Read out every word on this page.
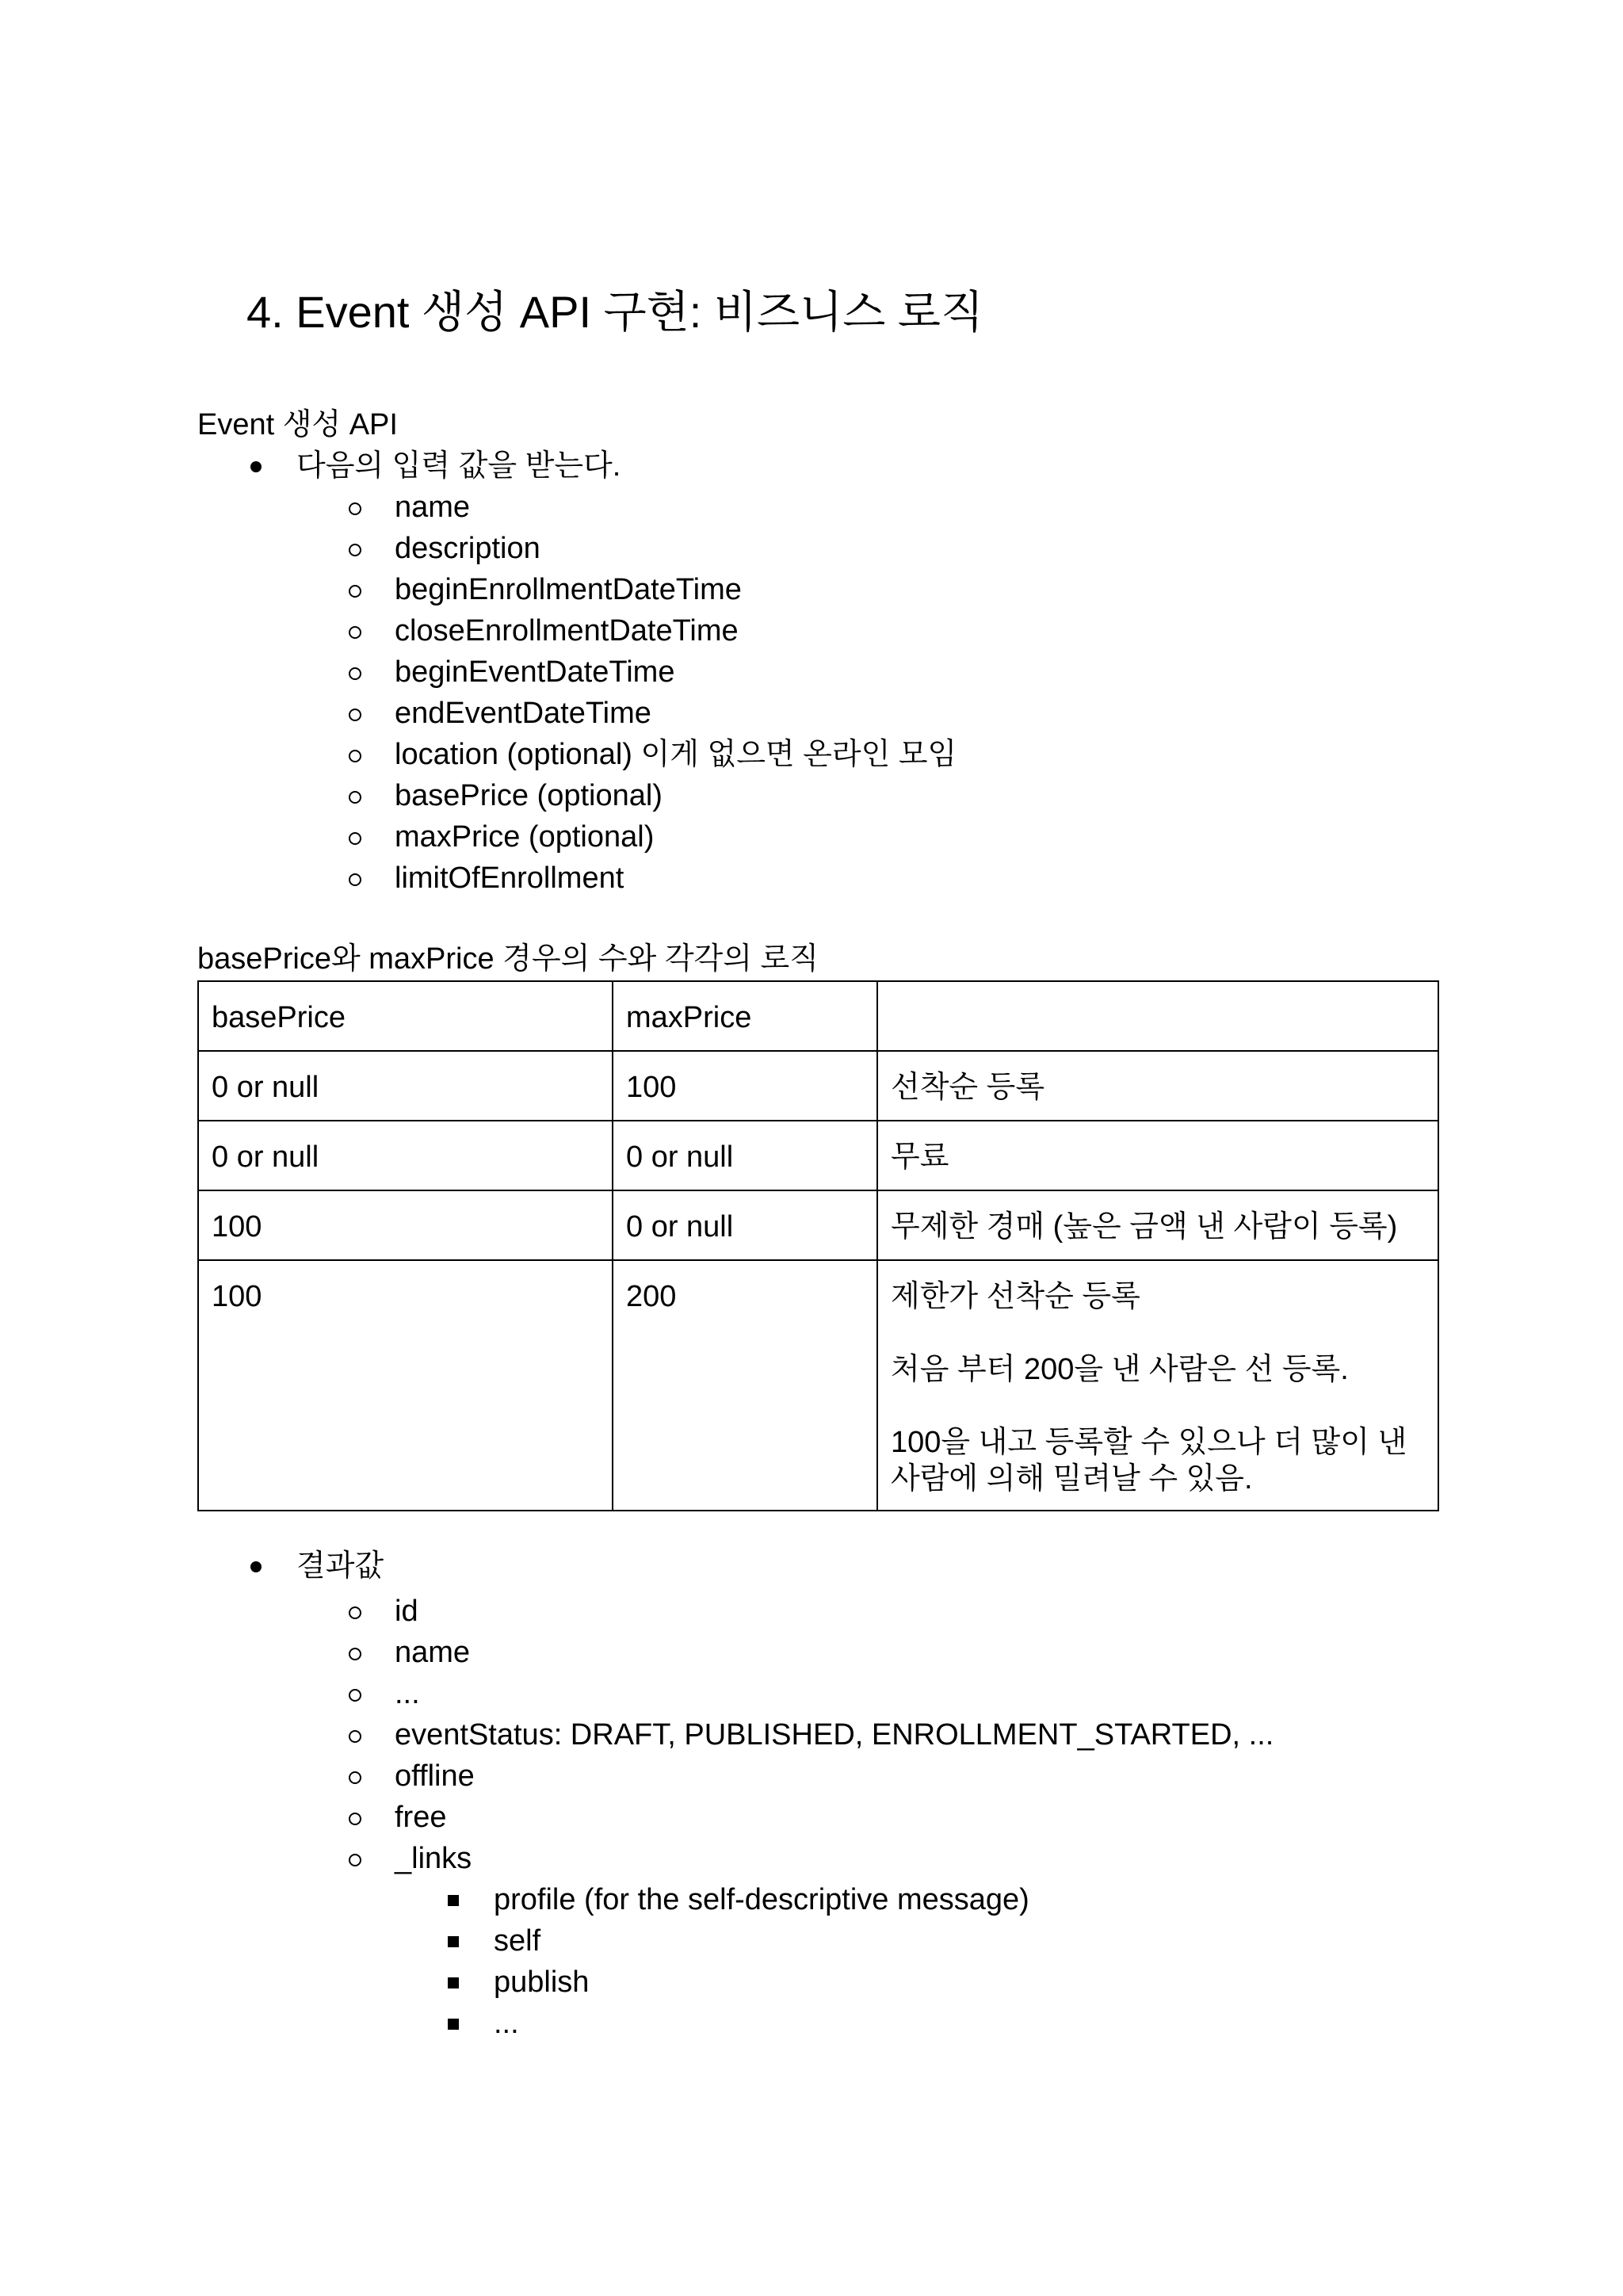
4. Event 생성 API 구현: 비즈니스 로직
Event 생성 API
다음의 입력 값을 받는다.
name
description
beginEnrollmentDateTime
closeEnrollmentDateTime
beginEventDateTime
endEventDateTime
location (optional) 이게 없으면 온라인 모임
basePrice (optional)
maxPrice (optional)
limitOfEnrollment
basePrice와 maxPrice 경우의 수와 각각의 로직
basePrice	maxPrice	
0 or null	100	선착순 등록

0 or null	0 or null	무료

100	0 or null	무제한 경매 (높은 금액 낸 사람이 등록)

100	200	제한가 선착순 등록

처음 부터 200을 낸 사람은 선 등록.

100을 내고 등록할 수 있으나 더 많이 낸 사람에 의해 밀려날 수 있음.

결과값
id
name
...
eventStatus: DRAFT, PUBLISHED, ENROLLMENT_STARTED, ...
offline
free
_links
profile (for the self-descriptive message)
self
publish
...
